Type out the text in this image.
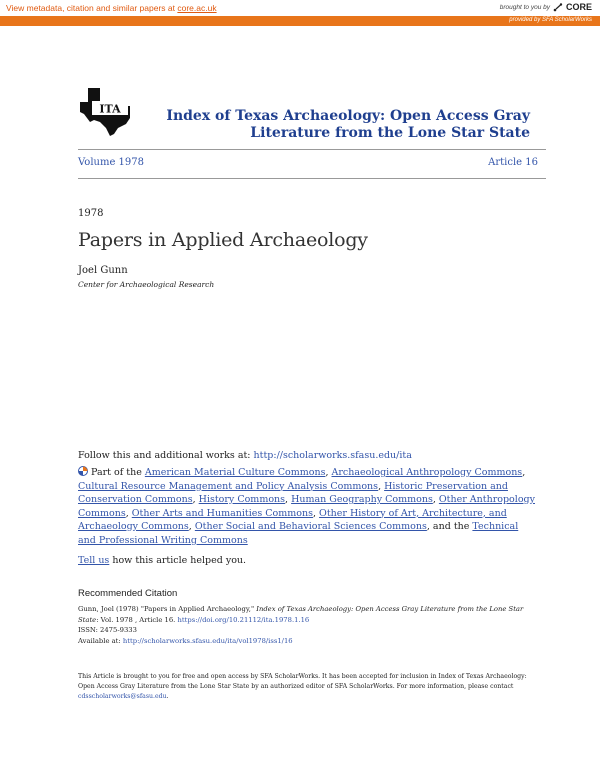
View metadata, citation and similar papers at core.ac.uk	brought to you by CORE
provided by SFA ScholarWorks
ITA	Index of Texas Archaeology: Open Access Gray
Literature from the Lone Star State
Volume 1978	Article 16
1978
Papers in Applied Archaeology
Joel Gunn
Center for Archaeological Research
Follow this and additional works at: http://scholarworks.sfasu.edu/ita
Part of the American Material Culture Commons, Archaeological Anthropology Commons, Cultural Resource Management and Policy Analysis Commons, Historic Preservation and Conservation Commons, History Commons, Human Geography Commons, Other Anthropology Commons, Other Arts and Humanities Commons, Other History of Art, Architecture, and Archaeology Commons, Other Social and Behavioral Sciences Commons, and the Technical and Professional Writing Commons
Tell us how this article helped you.
Recommended Citation
Gunn, Joel (1978) "Papers in Applied Archaeology," Index of Texas Archaeology: Open Access Gray Literature from the Lone Star State: Vol. 1978 , Article 16. https://doi.org/10.21112/ita.1978.1.16
ISSN: 2475-9333
Available at: http://scholarworks.sfasu.edu/ita/vol1978/iss1/16
This Article is brought to you for free and open access by SFA ScholarWorks. It has been accepted for inclusion in Index of Texas Archaeology: Open Access Gray Literature from the Lone Star State by an authorized editor of SFA ScholarWorks. For more information, please contact cdsscholarworks@sfasu.edu.
